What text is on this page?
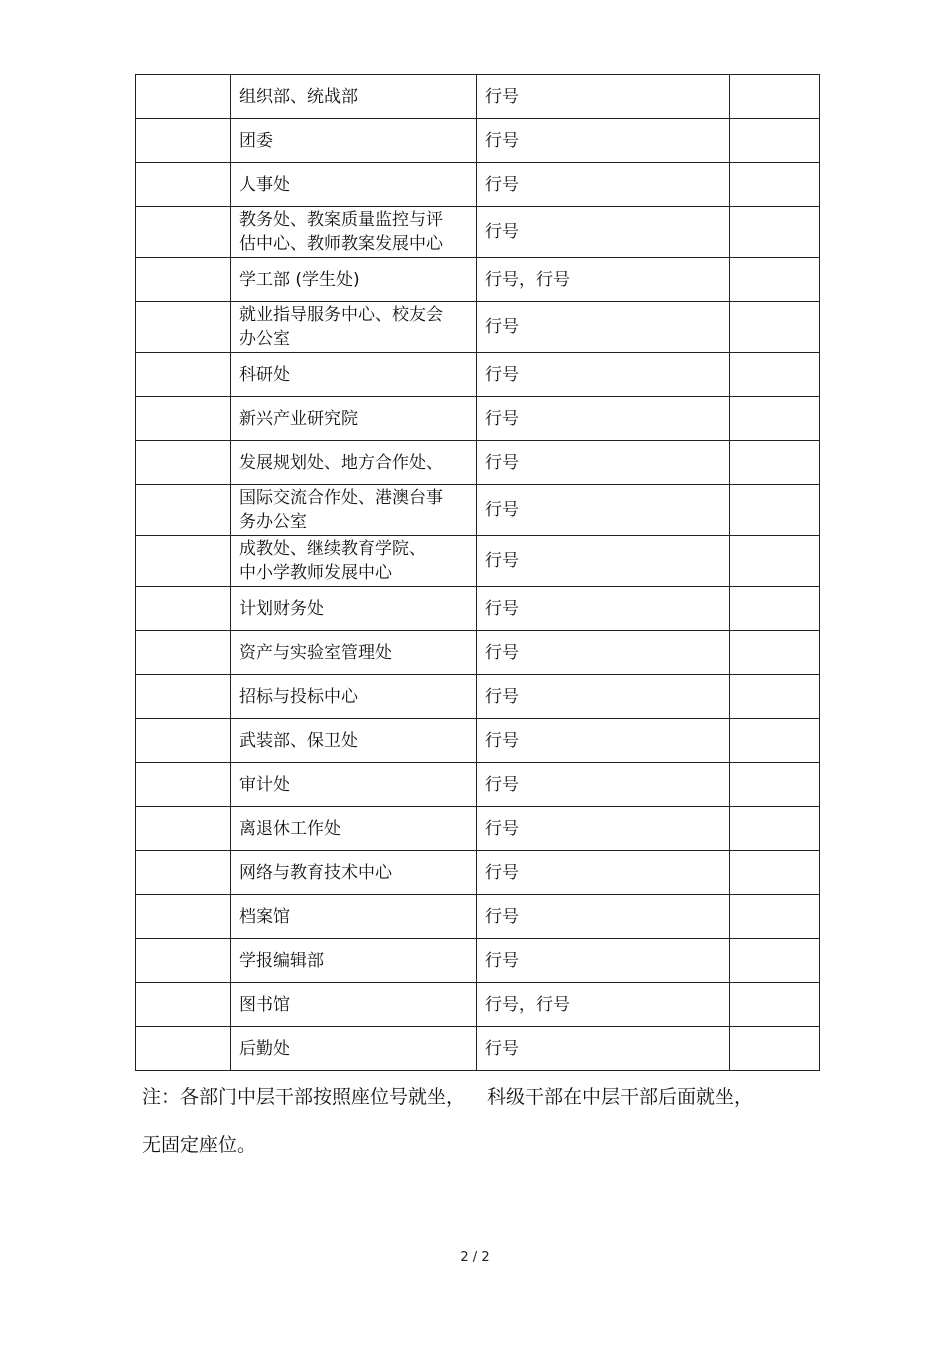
	组织部、统战部	行号	
	团委	行号	
	人事处	行号	
	教务处、教案质量监控与评
估中心、教师教案发展中心	行号	
	学工部 (学生处)	行号，行号	
	就业指导服务中心、校友会
办公室	行号	
	科研处	行号	
	新兴产业研究院	行号	
	发展规划处、地方合作处、	行号	
	国际交流合作处、港澳台事
务办公室	行号	
	成教处、继续教育学院、
中小学教师发展中心	行号	
	计划财务处	行号	
	资产与实验室管理处	行号	
	招标与投标中心	行号	
	武装部、保卫处	行号	
	审计处	行号	
	离退休工作处	行号	
	网络与教育技术中心	行号	
	档案馆	行号	
	学报编辑部	行号	
	图书馆	行号，行号	
	后勤处	行号	
注：各部门中层干部按照座位号就坐， 科级干部在中层干部后面就坐，
无固定座位。
2 / 2
